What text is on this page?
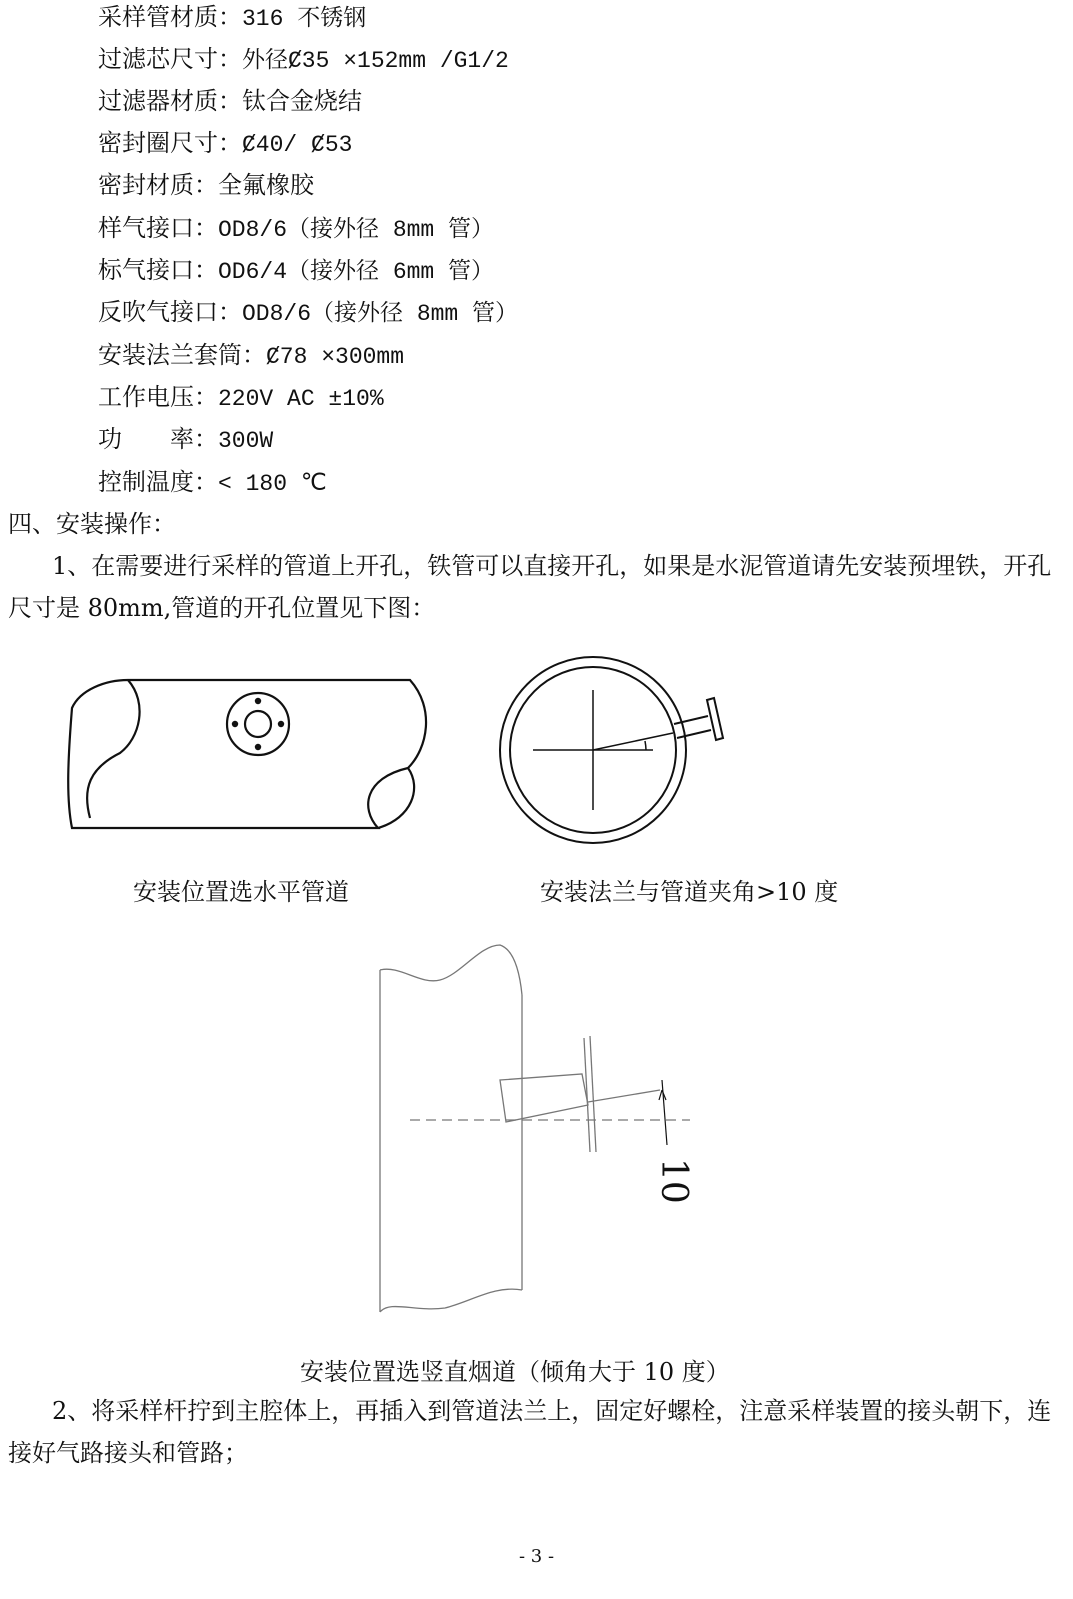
采样管材质：316 不锈钢
过滤芯尺寸：外径Ȼ35 ×152mm /G1/2
过滤器材质：钛合金烧结
密封圈尺寸：Ȼ40/ Ȼ53
密封材质：全氟橡胶
样气接口：OD8/6（接外径 8mm 管）
标气接口：OD6/4（接外径 6mm 管）
反吹气接口：OD8/6（接外径 8mm 管）
安装法兰套筒：Ȼ78 ×300mm
工作电压：220V AC ±10%
功　　率：300W
控制温度：< 180 ℃
四、安装操作：
1、在需要进行采样的管道上开孔，铁管可以直接开孔，如果是水泥管道请先安装预埋铁，开孔尺寸是 80mm,管道的开孔位置见下图：
安装位置选水平管道	安装法兰与管道夹角>10 度
10
安装位置选竖直烟道（倾角大于 10 度）
2、将采样杆拧到主腔体上，再插入到管道法兰上，固定好螺栓，注意采样装置的接头朝下，连接好气路接头和管路；
- 3 -
